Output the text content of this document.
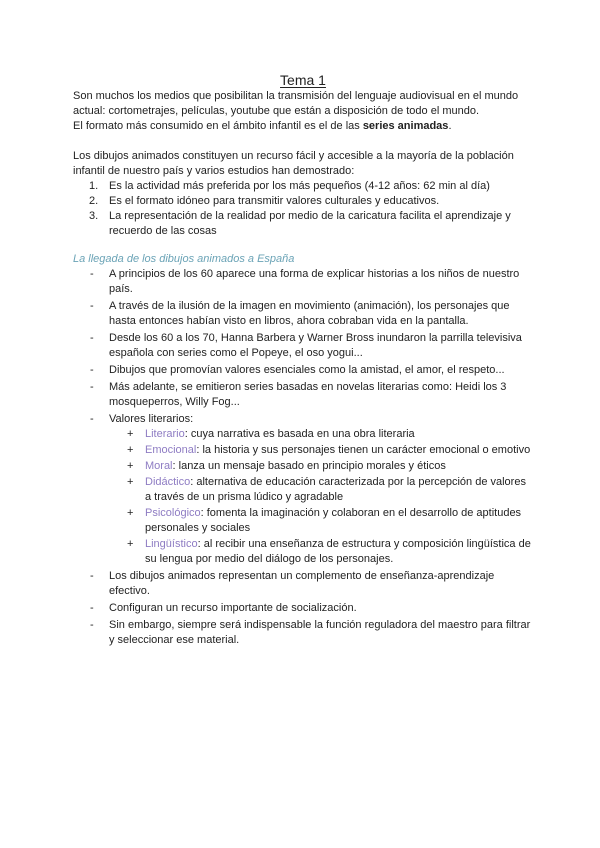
Tema 1

Son muchos los medios que posibilitan la transmisión del lenguaje audiovisual en el mundo actual: cortometrajes, películas, youtube que están a disposición de todo el mundo.
El formato más consumido en el ámbito infantil es el de las series animadas.

Los dibujos animados constituyen un recurso fácil y accesible a la mayoría de la población infantil de nuestro país y varios estudios han demostrado:

1. Es la actividad más preferida por los más pequeños (4-12 años: 62 min al día)
2. Es el formato idóneo para transmitir valores culturales y educativos.
3. La representación de la realidad por medio de la caricatura facilita el aprendizaje y recuerdo de las cosas
La llegada de los dibujos animados a España
- A principios de los 60 aparece una forma de explicar historias a los niños de nuestro país.
- A través de la ilusión de la imagen en movimiento (animación), los personajes que hasta entonces habían visto en libros, ahora cobraban vida en la pantalla.
- Desde los 60 a los 70, Hanna Barbera y Warner Bross inundaron la parrilla televisiva española con series como el Popeye, el oso yogui...
- Dibujos que promovían valores esenciales como la amistad, el amor, el respeto...
- Más adelante, se emitieron series basadas en novelas literarias como: Heidi los 3 mosqueperros, Willy Fog...
- Valores literarios:
+ Literario: cuya narrativa es basada en una obra literaria
+ Emocional: la historia y sus personajes tienen un carácter emocional o emotivo
+ Moral: lanza un mensaje basado en principio morales y éticos
+ Didáctico: alternativa de educación caracterizada por la percepción de valores a través de un prisma lúdico y agradable
+ Psicológico: fomenta la imaginación y colaboran en el desarrollo de aptitudes personales y sociales
+ Lingüístico: al recibir una enseñanza de estructura y composición lingüística de su lengua por medio del diálogo de los personajes.
- Los dibujos animados representan un complemento de enseñanza-aprendizaje efectivo.
- Configuran un recurso importante de socialización.
- Sin embargo, siempre será indispensable la función reguladora del maestro para filtrar y seleccionar ese material.
